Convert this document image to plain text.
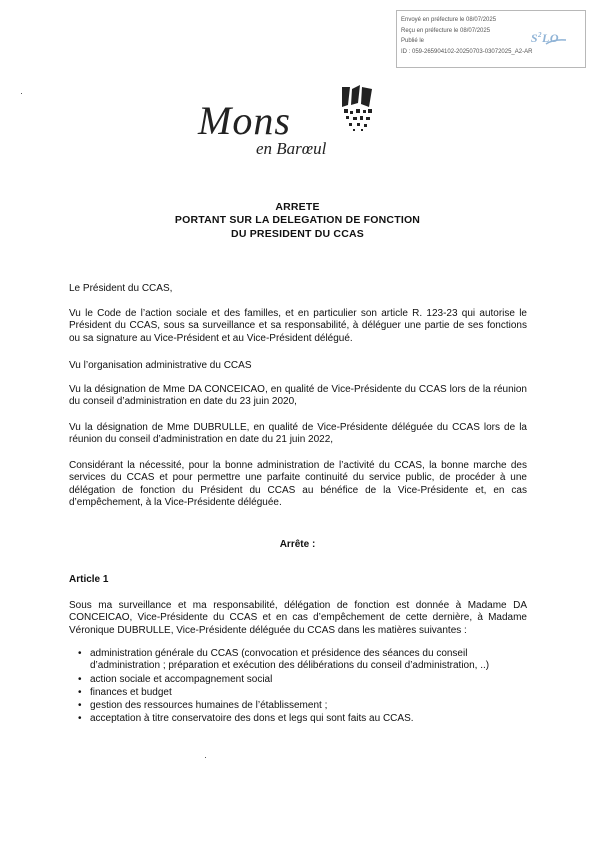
Envoyé en préfecture le 08/07/2025
Reçu en préfecture le 08/07/2025
Publié le
ID : 059-265904102-20250703-03072025_A2-AR
$S^2LO$
Mons
en Barœul
ARRETE
PORTANT SUR LA DELEGATION DE FONCTION
DU PRESIDENT DU CCAS
Le Président du CCAS,
Vu le Code de l’action sociale et des familles, et en particulier son article R. 123-23 qui autorise le Président du CCAS, sous sa surveillance et sa responsabilité, à déléguer une partie de ses fonctions ou sa signature au Vice-Président et au Vice-Président délégué.
Vu l’organisation administrative du CCAS
Vu la désignation de Mme DA CONCEICAO, en qualité de Vice-Présidente du CCAS lors de la réunion du conseil d’administration en date du 23 juin 2020,
Vu la désignation de Mme DUBRULLE, en qualité de Vice-Présidente déléguée du CCAS lors de la réunion du conseil d’administration en date du 21 juin 2022,
Considérant la nécessité, pour la bonne administration de l’activité du CCAS, la bonne marche des services du CCAS et pour permettre une parfaite continuité du service public, de procéder à une délégation de fonction du Président du CCAS au bénéfice de la Vice-Présidente et, en cas d’empêchement, à la Vice-Présidente déléguée.
Arrête :
Article 1
Sous ma surveillance et ma responsabilité, délégation de fonction est donnée à Madame DA CONCEICAO, Vice-Présidente du CCAS et en cas d’empêchement de cette dernière, à Madame Véronique DUBRULLE, Vice-Présidente déléguée du CCAS dans les matières suivantes :
• administration générale du CCAS (convocation et présidence des séances du conseil d’administration ; préparation et exécution des délibérations du conseil d’administration, ..)
• action sociale et accompagnement social
• finances et budget
• gestion des ressources humaines de l’établissement ;
• acceptation à titre conservatoire des dons et legs qui sont faits au CCAS.
